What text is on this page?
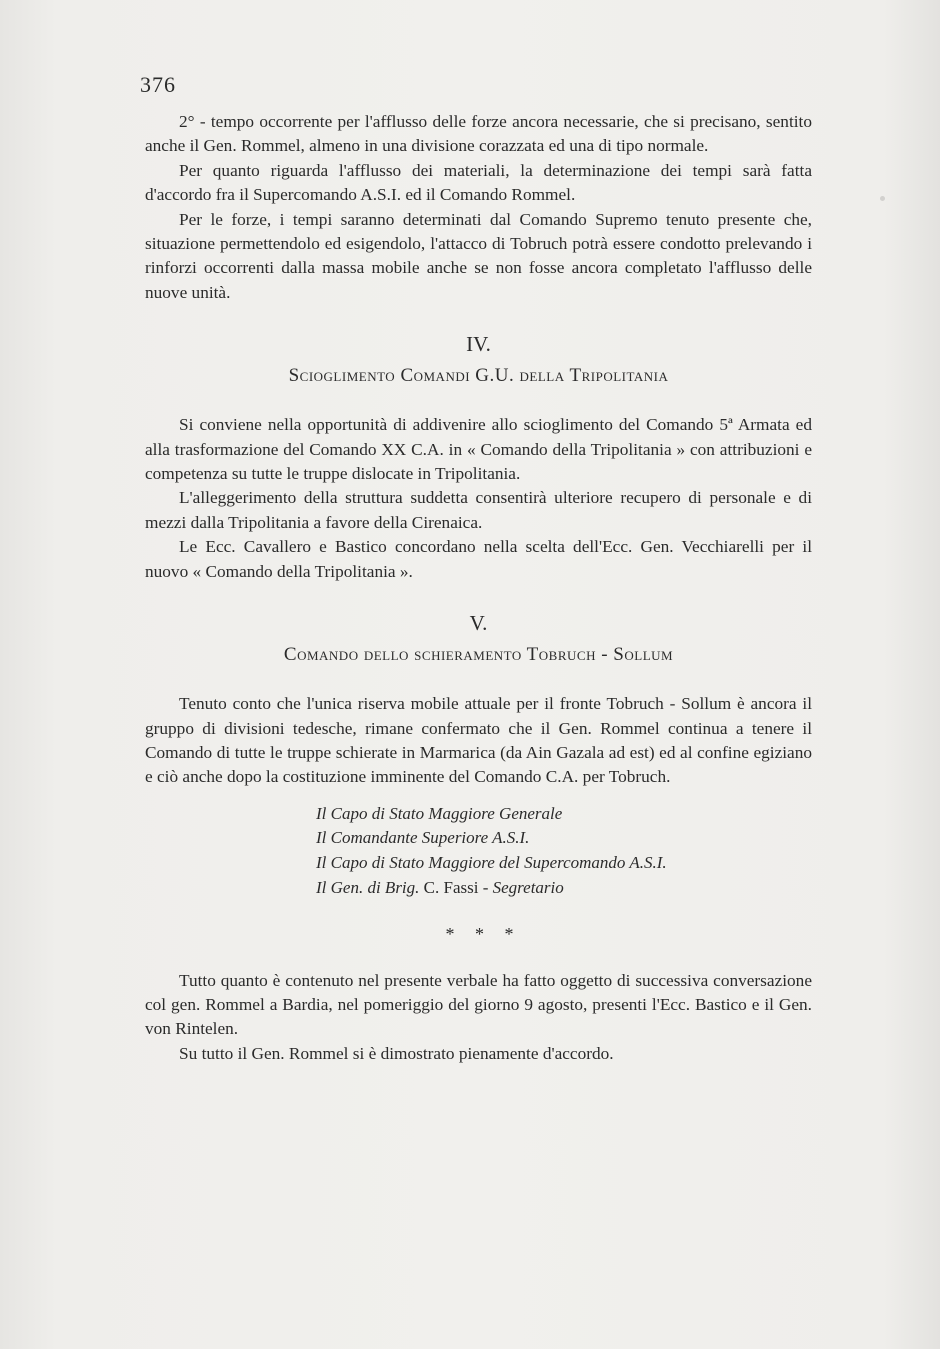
376

2° - tempo occorrente per l'afflusso delle forze ancora necessarie, che si precisano, sentito anche il Gen. Rommel, almeno in una divisione corazzata ed una di tipo normale.

Per quanto riguarda l'afflusso dei materiali, la determinazione dei tempi sarà fatta d'accordo fra il Supercomando A.S.I. ed il Comando Rommel.

Per le forze, i tempi saranno determinati dal Comando Supremo tenuto presente che, situazione permettendolo ed esigendolo, l'attacco di Tobruch potrà essere condotto prelevando i rinforzi occorrenti dalla massa mobile anche se non fosse ancora completato l'afflusso delle nuove unità.

IV.
Scioglimento Comandi G.U. della Tripolitania

Si conviene nella opportunità di addivenire allo scioglimento del Comando 5ª Armata ed alla trasformazione del Comando XX C.A. in « Comando della Tripolitania » con attribuzioni e competenza su tutte le truppe dislocate in Tripolitania.

L'alleggerimento della struttura suddetta consentirà ulteriore recupero di personale e di mezzi dalla Tripolitania a favore della Cirenaica.

Le Ecc. Cavallero e Bastico concordano nella scelta dell'Ecc. Gen. Vecchiarelli per il nuovo « Comando della Tripolitania ».

V.
Comando dello schieramento Tobruch - Sollum

Tenuto conto che l'unica riserva mobile attuale per il fronte Tobruch - Sollum è ancora il gruppo di divisioni tedesche, rimane confermato che il Gen. Rommel continua a tenere il Comando di tutte le truppe schierate in Marmarica (da Ain Gazala ad est) ed al confine egiziano e ciò anche dopo la costituzione imminente del Comando C.A. per Tobruch.

Il Capo di Stato Maggiore Generale
Il Comandante Superiore A.S.I.
Il Capo di Stato Maggiore del Supercomando A.S.I.
Il Gen. di Brig. C. Fassi - Segretario
* * *

Tutto quanto è contenuto nel presente verbale ha fatto oggetto di successiva conversazione col gen. Rommel a Bardia, nel pomeriggio del giorno 9 agosto, presenti l'Ecc. Bastico e il Gen. von Rintelen.

Su tutto il Gen. Rommel si è dimostrato pienamente d'accordo.
